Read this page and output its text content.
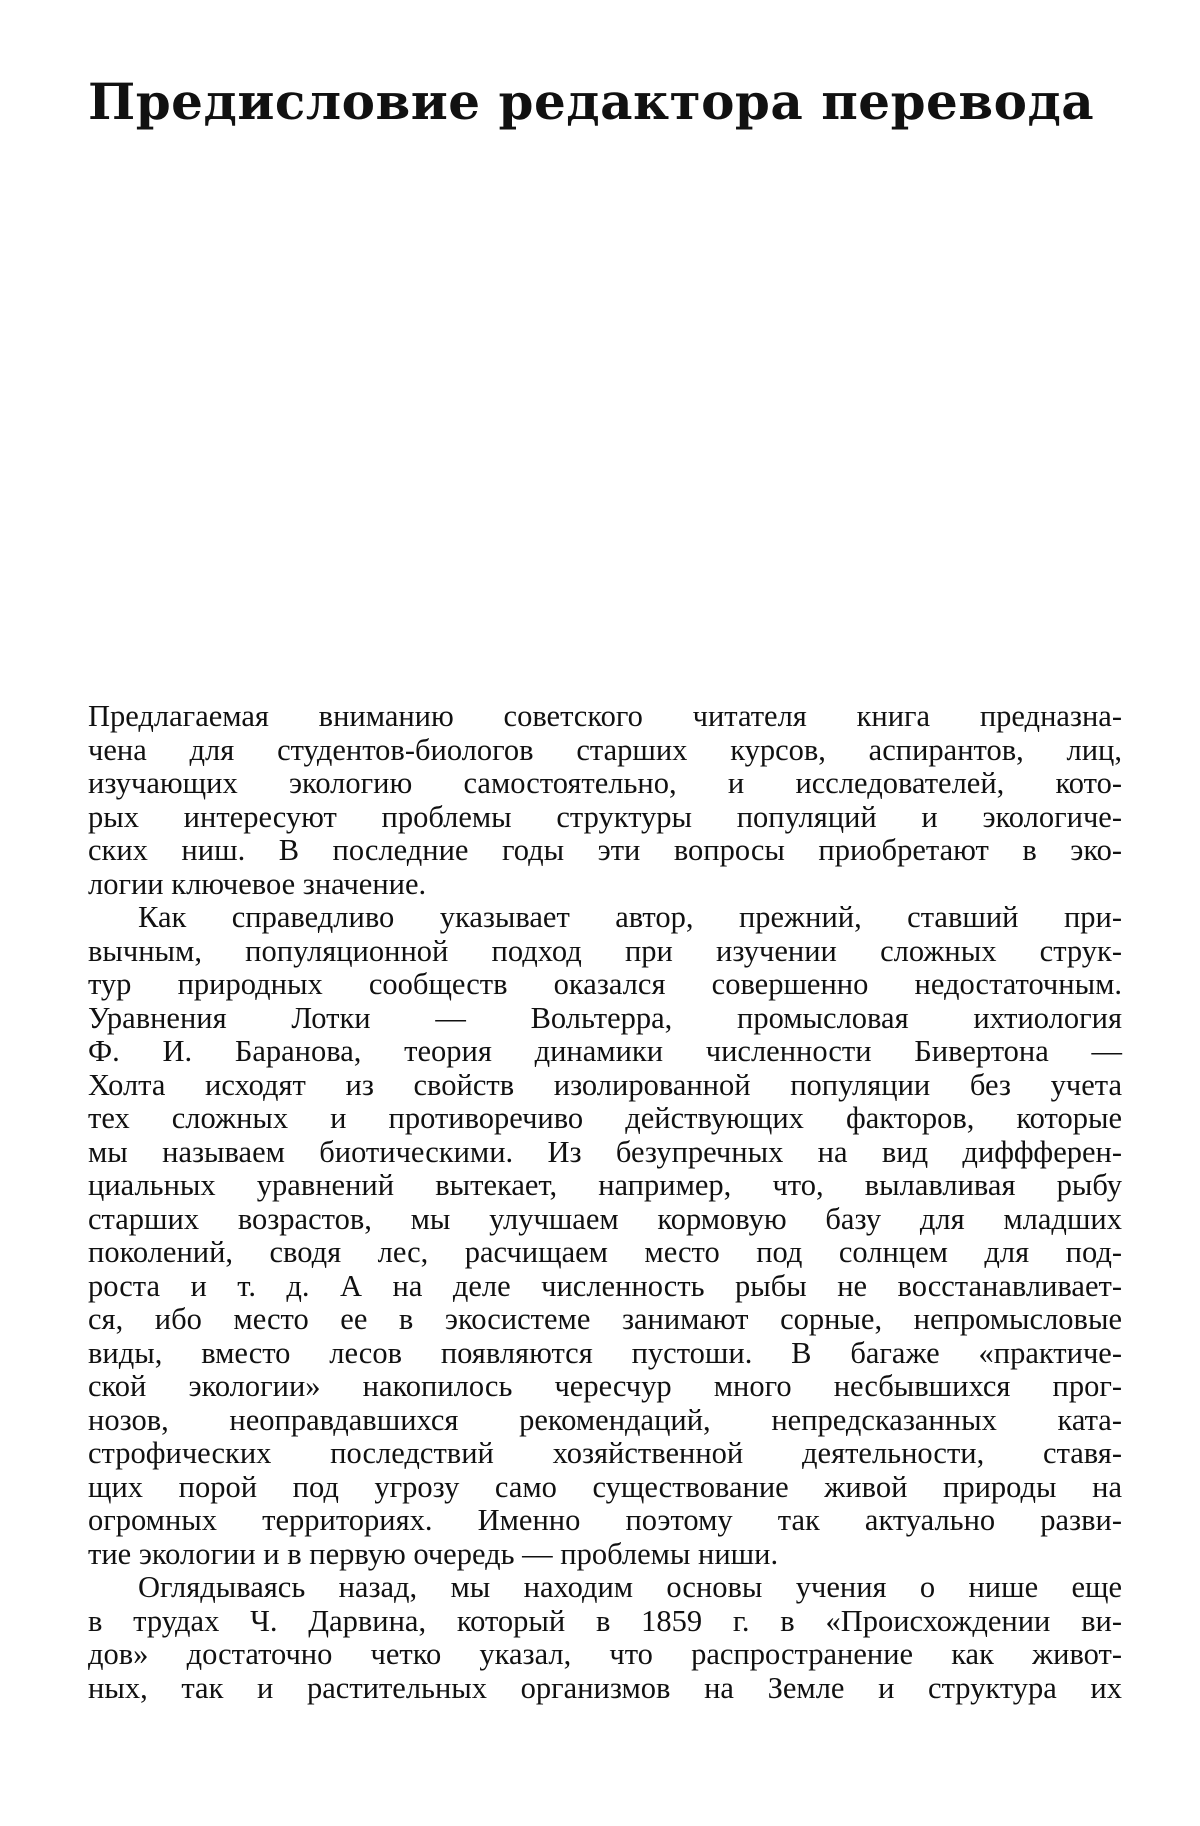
Предисловие редактора перевода

Предлагаемая вниманию советского читателя книга предназна-
чена для студентов-биологов старших курсов, аспирантов, лиц,
изучающих экологию самостоятельно, и исследователей, кото-
рых интересуют проблемы структуры популяций и экологиче-
ских ниш. В последние годы эти вопросы приобретают в эко-
логии ключевое значение.

Как справедливо указывает автор, прежний, ставший при-
вычным, популяционной подход при изучении сложных струк-
тур природных сообществ оказался совершенно недостаточным.
Уравнения Лотки — Вольтерра, промысловая ихтиология
Ф. И. Баранова, теория динамики численности Бивертона —
Холта исходят из свойств изолированной популяции без учета
тех сложных и противоречиво действующих факторов, которые
мы называем биотическими. Из безупречных на вид диффферен-
циальных уравнений вытекает, например, что, вылавливая рыбу
старших возрастов, мы улучшаем кормовую базу для младших
поколений, сводя лес, расчищаем место под солнцем для под-
роста и т. д. А на деле численность рыбы не восстанавливает-
ся, ибо место ее в экосистеме занимают сорные, непромысловые
виды, вместо лесов появляются пустоши. В багаже «практиче-
ской экологии» накопилось чересчур много несбывшихся прог-
нозов, неоправдавшихся рекомендаций, непредсказанных ката-
строфических последствий хозяйственной деятельности, ставя-
щих порой под угрозу само существование живой природы на
огромных территориях. Именно поэтому так актуально разви-
тие экологии и в первую очередь — проблемы ниши.

Оглядываясь назад, мы находим основы учения о нише еще
в трудах Ч. Дарвина, который в 1859 г. в «Происхождении ви-
дов» достаточно четко указал, что распространение как живот-
ных, так и растительных организмов на Земле и структура их
